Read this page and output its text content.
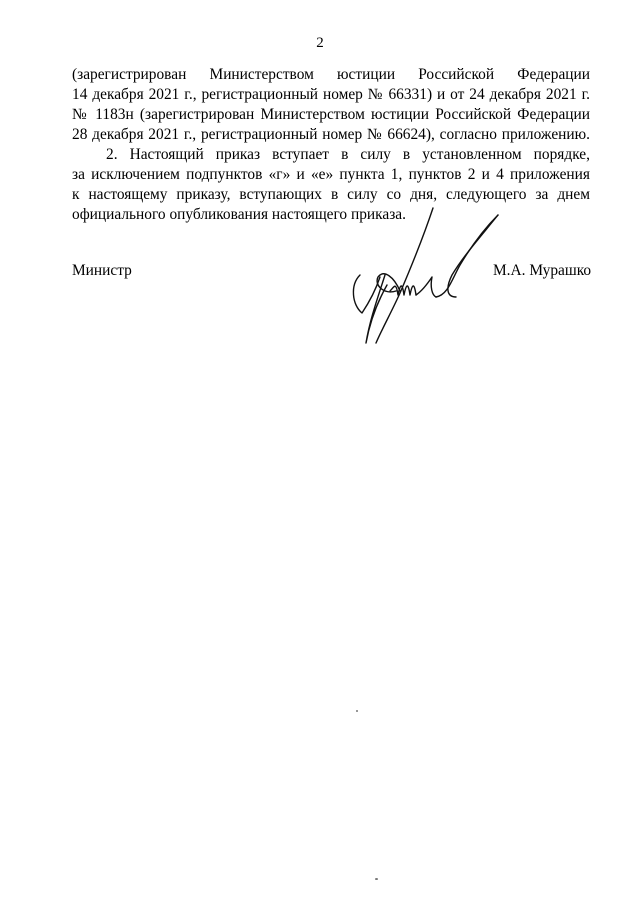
2
(зарегистрирован Министерством юстиции Российской Федерации
14 декабря 2021 г., регистрационный номер № 66331) и от 24 декабря 2021 г.
№ 1183н (зарегистрирован Министерством юстиции Российской Федерации
28 декабря 2021 г., регистрационный номер № 66624), согласно приложению.
2. Настоящий приказ вступает в силу в установленном порядке,
за исключением подпунктов «г» и «е» пункта 1, пунктов 2 и 4 приложения
к настоящему приказу, вступающих в силу со дня, следующего за днем
официального опубликования настоящего приказа.
Министр	М.А. Мурашко
